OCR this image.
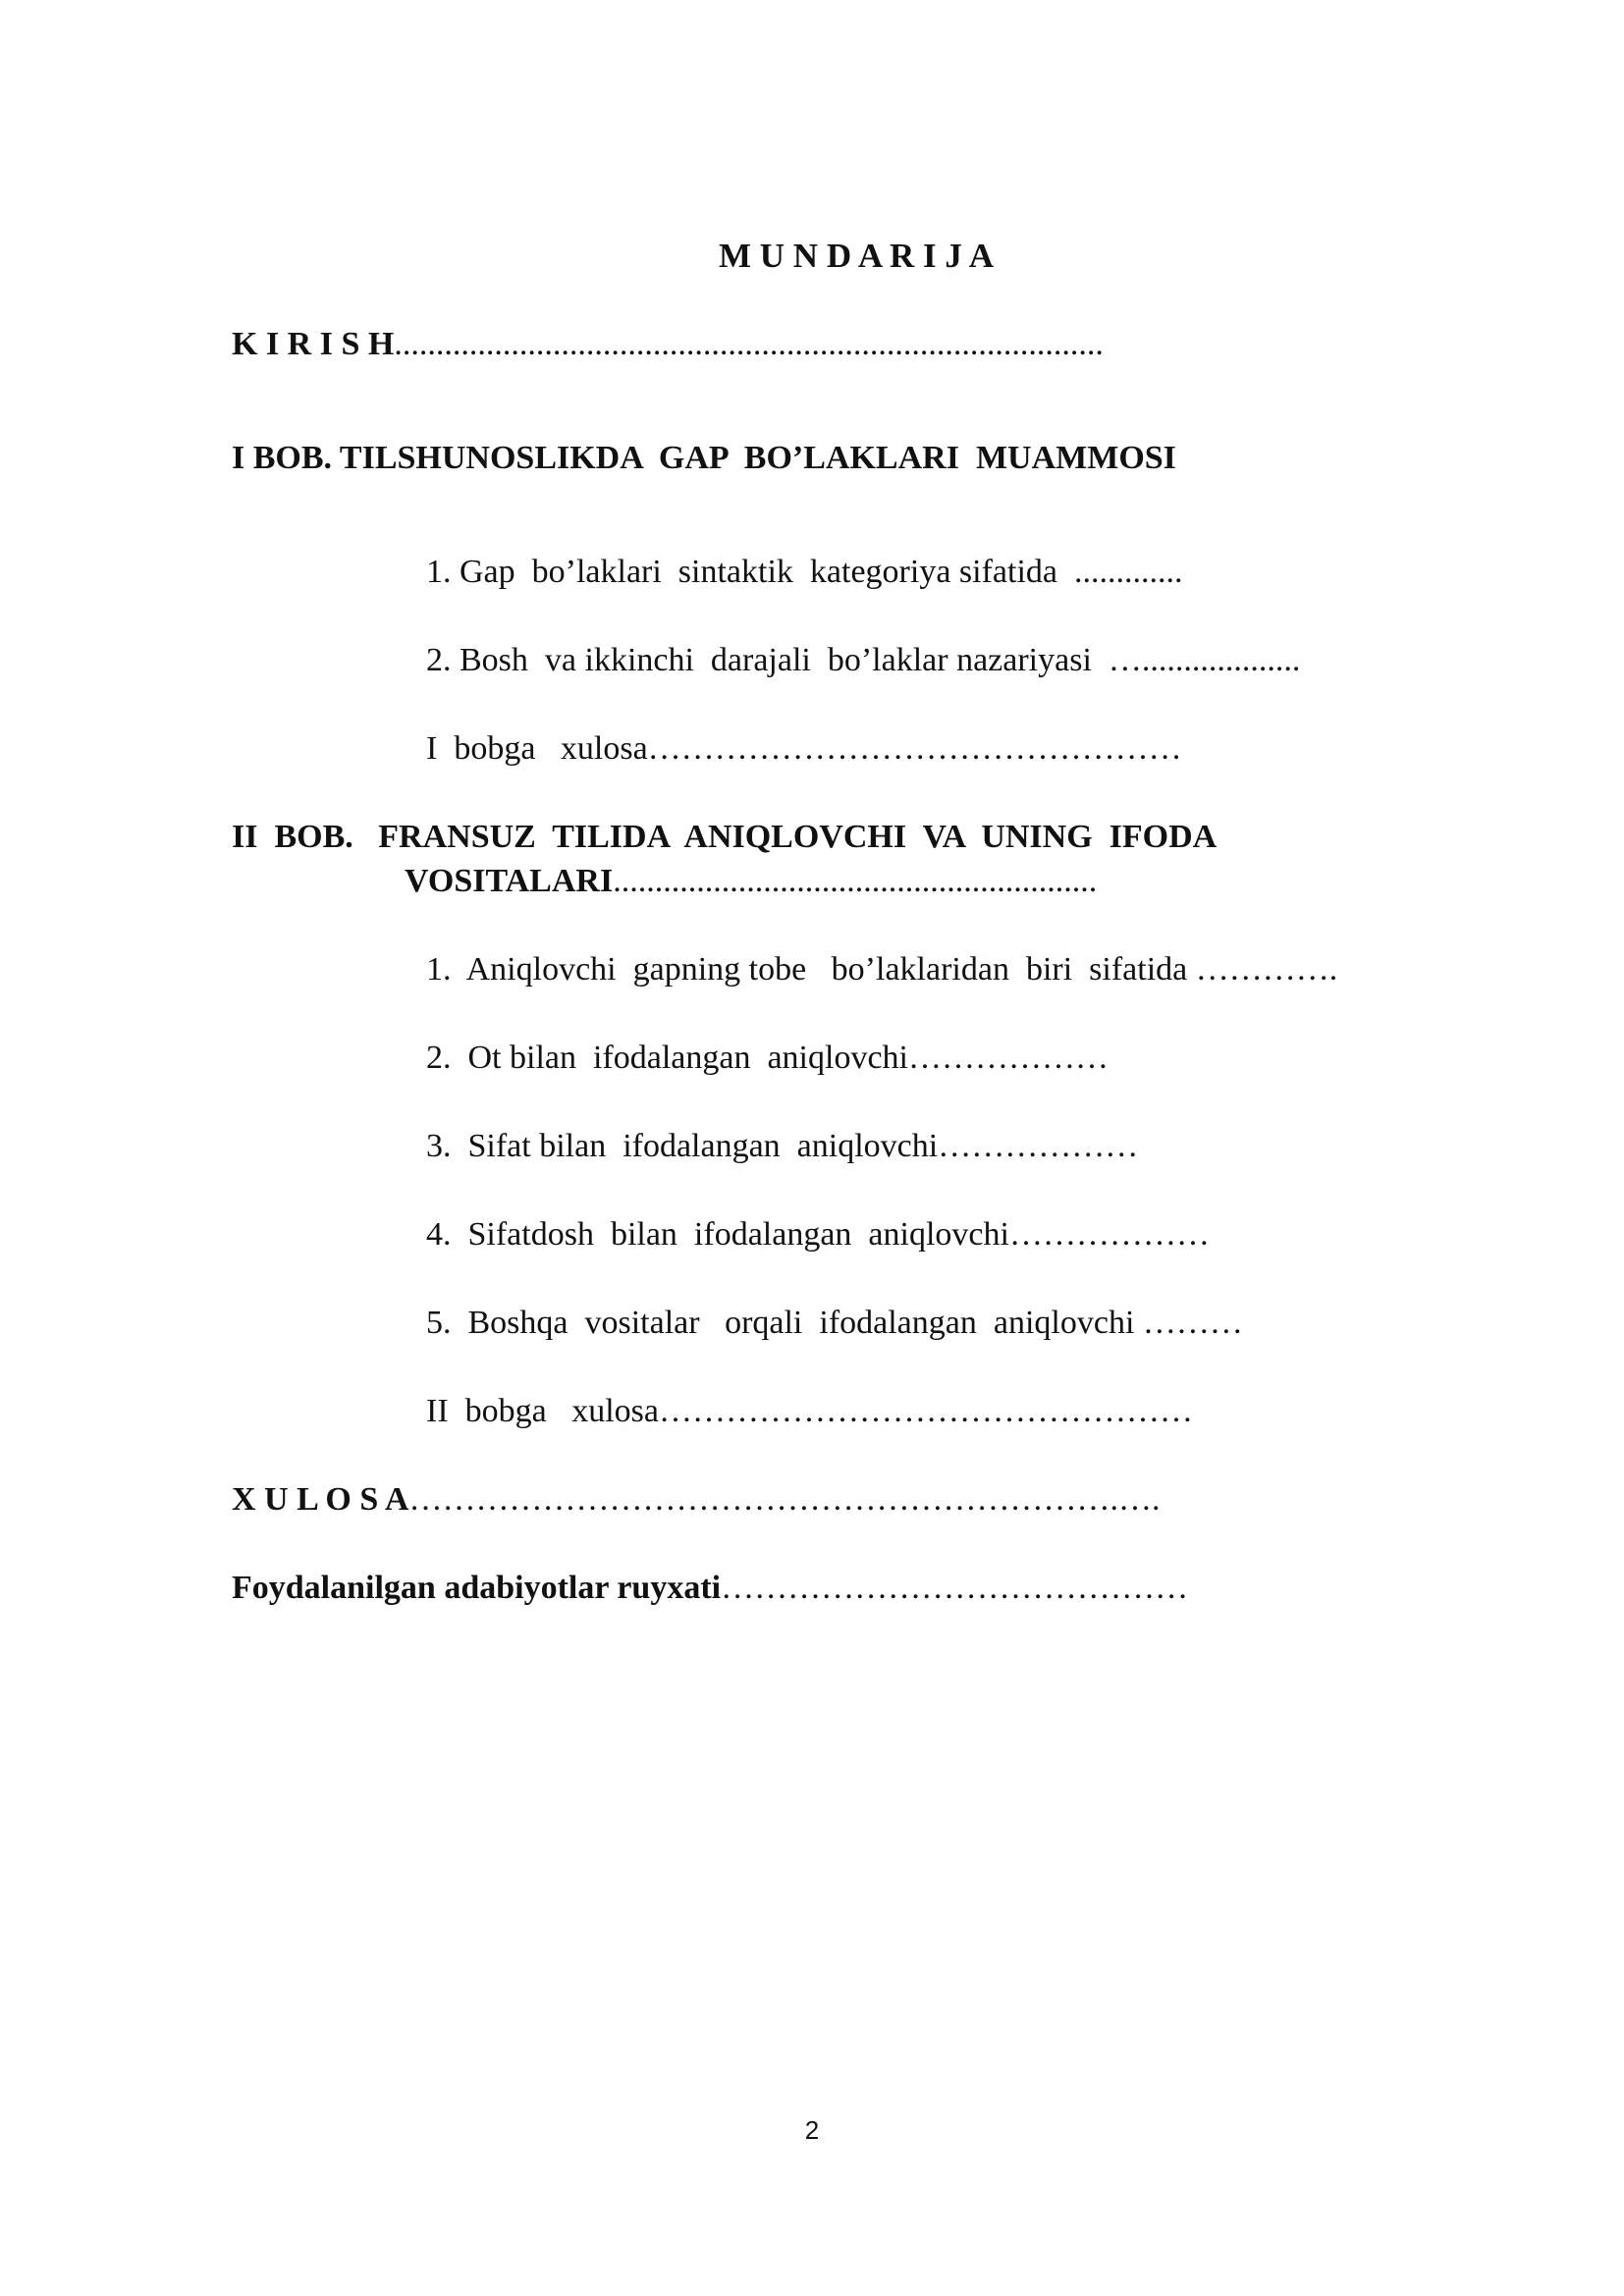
M U N D A R I J A
K I R I S H.....................................................................................
I BOB. TILSHUNOSLIKDA  GAP  BO’LAKLARI  MUAMMOSI
1. Gap  bo’laklari  sintaktik  kategoriya sifatida  .............
2. Bosh  va ikkinchi  darajali  bo’laklar nazariyasi  …...................
I  bobga   xulosa…………………………………………
II  BOB.   FRANSUZ  TILIDA  ANIQLOVCHI  VA  UNING  IFODA
VOSITALARI..........................................................
1.  Aniqlovchi  gapning tobe   bo’laklaridan  biri  sifatida ………….
2.  Ot bilan  ifodalangan  aniqlovchi………………
3.  Sifat bilan  ifodalangan  aniqlovchi………………
4.  Sifatdosh  bilan  ifodalangan  aniqlovchi………………
5.  Boshqa  vositalar   orqali  ifodalangan  aniqlovchi ………
II  bobga   xulosa…………………………………………
X U L O S A……………………………………………………….….
Foydalanilgan adabiyotlar ruyxati……………………………………
2
